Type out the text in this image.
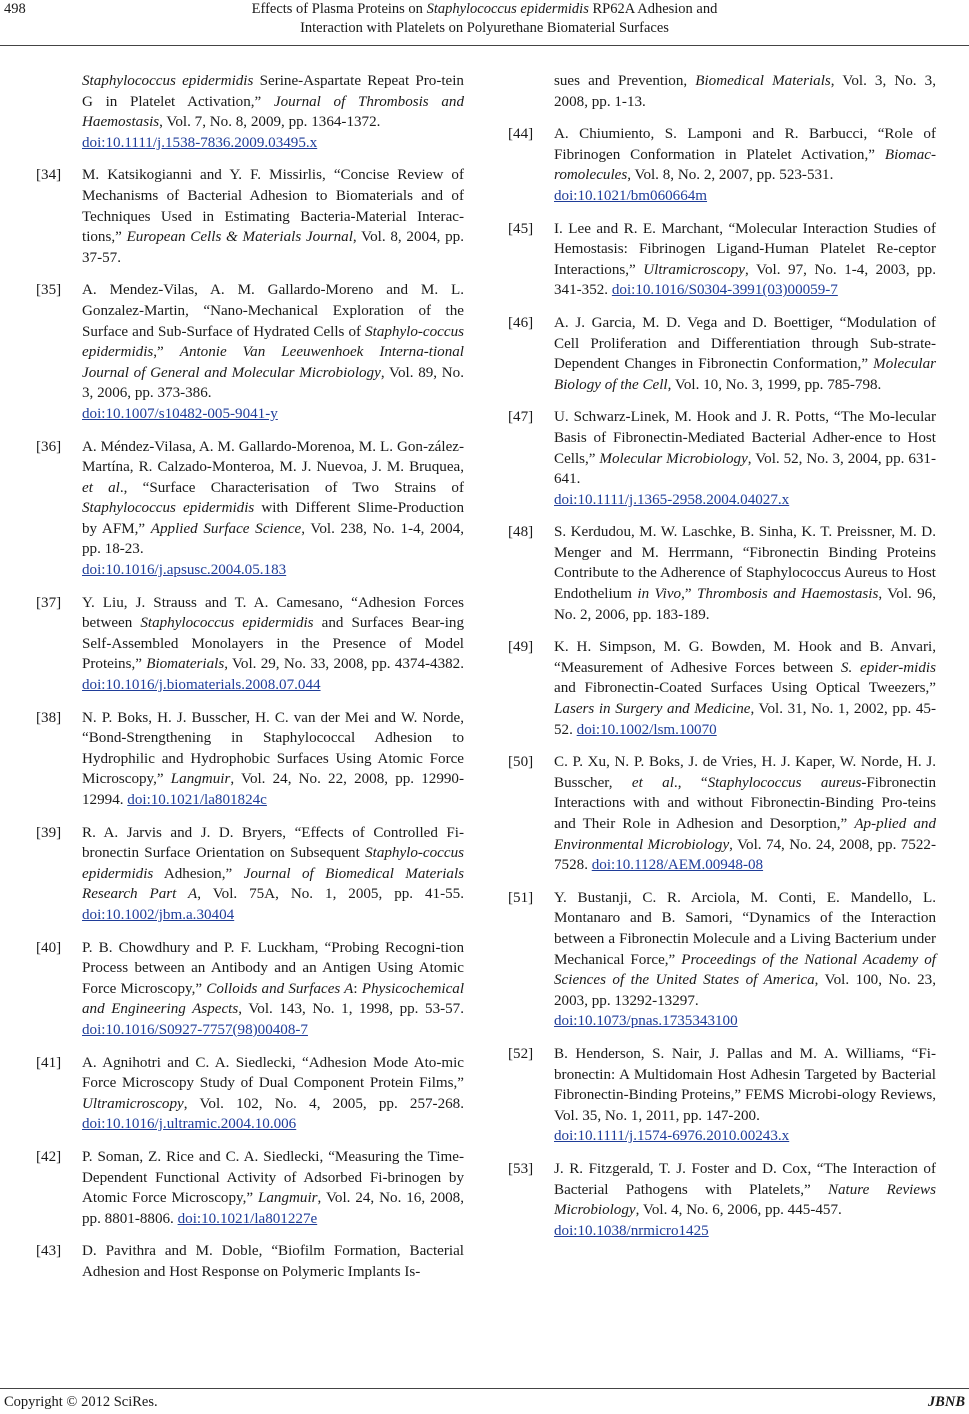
498	Effects of Plasma Proteins on Staphylococcus epidermidis RP62A Adhesion and
Interaction with Platelets on Polyurethane Biomaterial Surfaces
Staphylococcus epidermidis Serine-Aspartate Repeat Pro-tein G in Platelet Activation,” Journal of Thrombosis and Haemostasis, Vol. 7, No. 8, 2009, pp. 1364-1372.
doi:10.1111/j.1538-7836.2009.03495.x
[34]	M. Katsikogianni and Y. F. Missirlis, “Concise Review of Mechanisms of Bacterial Adhesion to Biomaterials and of Techniques Used in Estimating Bacteria-Material Interac-tions,” European Cells & Materials Journal, Vol. 8, 2004, pp. 37-57.
[35]	A. Mendez-Vilas, A. M. Gallardo-Moreno and M. L. Gonzalez-Martin, “Nano-Mechanical Exploration of the Surface and Sub-Surface of Hydrated Cells of Staphylo-coccus epidermidis,” Antonie Van Leeuwenhoek Interna-tional Journal of General and Molecular Microbiology, Vol. 89, No. 3, 2006, pp. 373-386.
doi:10.1007/s10482-005-9041-y
[36]	A. Méndez-Vilasa, A. M. Gallardo-Morenoa, M. L. Gon-zález-Martína, R. Calzado-Monteroa, M. J. Nuevoa, J. M. Bruquea, et al., “Surface Characterisation of Two Strains of Staphylococcus epidermidis with Different Slime-Production by AFM,” Applied Surface Science, Vol. 238, No. 1-4, 2004, pp. 18-23.
doi:10.1016/j.apsusc.2004.05.183
[37]	Y. Liu, J. Strauss and T. A. Camesano, “Adhesion Forces between Staphylococcus epidermidis and Surfaces Bear-ing Self-Assembled Monolayers in the Presence of Model Proteins,” Biomaterials, Vol. 29, No. 33, 2008, pp. 4374-4382. doi:10.1016/j.biomaterials.2008.07.044
[38]	N. P. Boks, H. J. Busscher, H. C. van der Mei and W. Norde, “Bond-Strengthening in Staphylococcal Adhesion to Hydrophilic and Hydrophobic Surfaces Using Atomic Force Microscopy,” Langmuir, Vol. 24, No. 22, 2008, pp. 12990-12994. doi:10.1021/la801824c
[39]	R. A. Jarvis and J. D. Bryers, “Effects of Controlled Fi-bronectin Surface Orientation on Subsequent Staphylo-coccus epidermidis Adhesion,” Journal of Biomedical Materials Research Part A, Vol. 75A, No. 1, 2005, pp. 41-55. doi:10.1002/jbm.a.30404
[40]	P. B. Chowdhury and P. F. Luckham, “Probing Recogni-tion Process between an Antibody and an Antigen Using Atomic Force Microscopy,” Colloids and Surfaces A: Physicochemical and Engineering Aspects, Vol. 143, No. 1, 1998, pp. 53-57. doi:10.1016/S0927-7757(98)00408-7
[41]	A. Agnihotri and C. A. Siedlecki, “Adhesion Mode Ato-mic Force Microscopy Study of Dual Component Protein Films,” Ultramicroscopy, Vol. 102, No. 4, 2005, pp. 257-268. doi:10.1016/j.ultramic.2004.10.006
[42]	P. Soman, Z. Rice and C. A. Siedlecki, “Measuring the Time-Dependent Functional Activity of Adsorbed Fi-brinogen by Atomic Force Microscopy,” Langmuir, Vol. 24, No. 16, 2008, pp. 8801-8806. doi:10.1021/la801227e
[43]	D. Pavithra and M. Doble, “Biofilm Formation, Bacterial Adhesion and Host Response on Polymeric Implants Is-
sues and Prevention, Biomedical Materials, Vol. 3, No. 3, 2008, pp. 1-13.
[44]	A. Chiumiento, S. Lamponi and R. Barbucci, “Role of Fibrinogen Conformation in Platelet Activation,” Biomac-romolecules, Vol. 8, No. 2, 2007, pp. 523-531.
doi:10.1021/bm060664m
[45]	I. Lee and R. E. Marchant, “Molecular Interaction Studies of Hemostasis: Fibrinogen Ligand-Human Platelet Re-ceptor Interactions,” Ultramicroscopy, Vol. 97, No. 1-4, 2003, pp. 341-352. doi:10.1016/S0304-3991(03)00059-7
[46]	A. J. Garcia, M. D. Vega and D. Boettiger, “Modulation of Cell Proliferation and Differentiation through Sub-strate-Dependent Changes in Fibronectin Conformation,” Molecular Biology of the Cell, Vol. 10, No. 3, 1999, pp. 785-798.
[47]	U. Schwarz-Linek, M. Hook and J. R. Potts, “The Mo-lecular Basis of Fibronectin-Mediated Bacterial Adher-ence to Host Cells,” Molecular Microbiology, Vol. 52, No. 3, 2004, pp. 631-641.
doi:10.1111/j.1365-2958.2004.04027.x
[48]	S. Kerdudou, M. W. Laschke, B. Sinha, K. T. Preissner, M. D. Menger and M. Herrmann, “Fibronectin Binding Proteins Contribute to the Adherence of Staphylococcus Aureus to Host Endothelium in Vivo,” Thrombosis and Haemostasis, Vol. 96, No. 2, 2006, pp. 183-189.
[49]	K. H. Simpson, M. G. Bowden, M. Hook and B. Anvari, “Measurement of Adhesive Forces between S. epider-midis and Fibronectin-Coated Surfaces Using Optical Tweezers,” Lasers in Surgery and Medicine, Vol. 31, No. 1, 2002, pp. 45-52. doi:10.1002/lsm.10070
[50]	C. P. Xu, N. P. Boks, J. de Vries, H. J. Kaper, W. Norde, H. J. Busscher, et al., “Staphylococcus aureus-Fibronectin Interactions with and without Fibronectin-Binding Pro-teins and Their Role in Adhesion and Desorption,” Ap-plied and Environmental Microbiology, Vol. 74, No. 24, 2008, pp. 7522-7528. doi:10.1128/AEM.00948-08
[51]	Y. Bustanji, C. R. Arciola, M. Conti, E. Mandello, L. Montanaro and B. Samori, “Dynamics of the Interaction between a Fibronectin Molecule and a Living Bacterium under Mechanical Force,” Proceedings of the National Academy of Sciences of the United States of America, Vol. 100, No. 23, 2003, pp. 13292-13297.
doi:10.1073/pnas.1735343100
[52]	B. Henderson, S. Nair, J. Pallas and M. A. Williams, “Fi-bronectin: A Multidomain Host Adhesin Targeted by Bacterial Fibronectin-Binding Proteins,” FEMS Microbi-ology Reviews, Vol. 35, No. 1, 2011, pp. 147-200.
doi:10.1111/j.1574-6976.2010.00243.x
[53]	J. R. Fitzgerald, T. J. Foster and D. Cox, “The Interaction of Bacterial Pathogens with Platelets,” Nature Reviews Microbiology, Vol. 4, No. 6, 2006, pp. 445-457.
doi:10.1038/nrmicro1425
Copyright © 2012 SciRes.	JBNB
